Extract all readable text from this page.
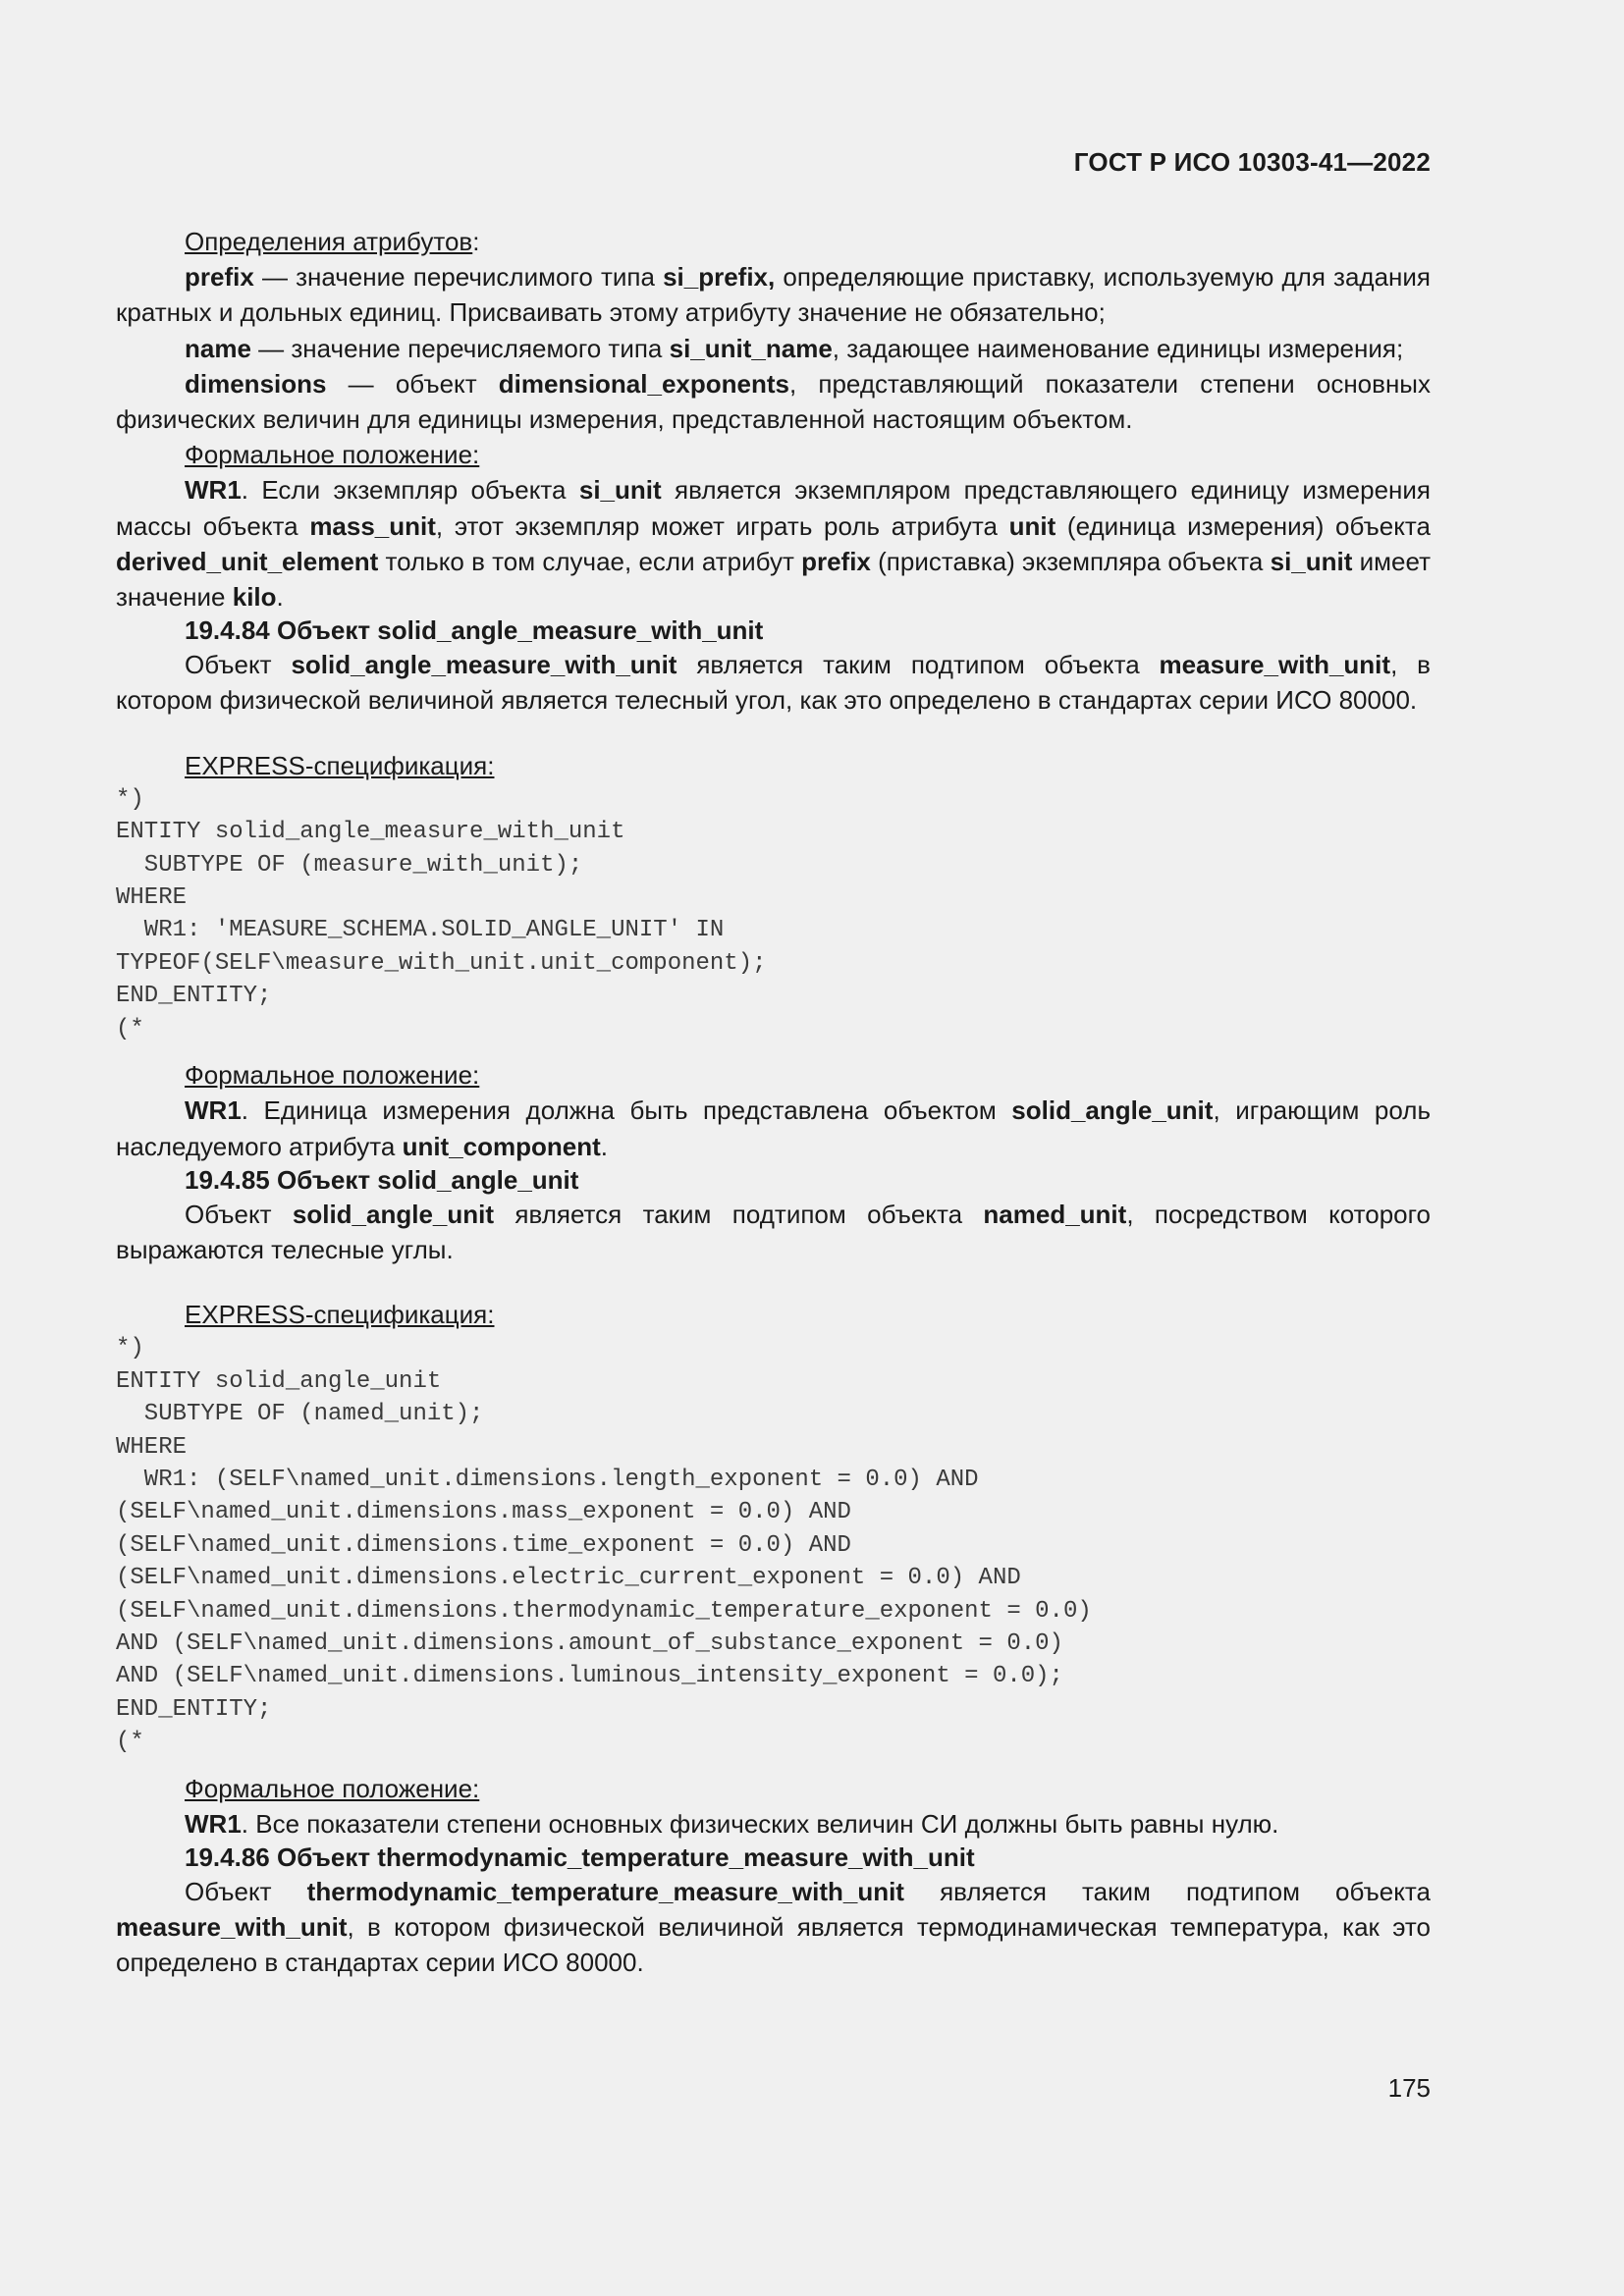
ГОСТ Р ИСО 10303-41—2022

Определения атрибутов:

prefix — значение перечислимого типа si_prefix, определяющие приставку, используемую для задания кратных и дольных единиц. Присваивать этому атрибуту значение не обязательно;

name — значение перечисляемого типа si_unit_name, задающее наименование единицы измерения;

dimensions — объект dimensional_exponents, представляющий показатели степени основных физических величин для единицы измерения, представленной настоящим объектом.

Формальное положение:

WR1. Если экземпляр объекта si_unit является экземпляром представляющего единицу измерения массы объекта mass_unit, этот экземпляр может играть роль атрибута unit (единица измерения) объекта derived_unit_element только в том случае, если атрибут prefix (приставка) экземпляра объекта si_unit имеет значение kilo.

19.4.84 Объект solid_angle_measure_with_unit

Объект solid_angle_measure_with_unit является таким подтипом объекта measure_with_unit, в котором физической величиной является телесный угол, как это определено в стандартах серии ИСО 80000.

EXPRESS-спецификация:

*)
ENTITY solid_angle_measure_with_unit
SUBTYPE OF (measure_with_unit);
WHERE
WR1: 'MEASURE_SCHEMA.SOLID_ANGLE_UNIT' IN
TYPEOF(SELF\measure_with_unit.unit_component);
END_ENTITY;
(*

Формальное положение:

WR1. Единица измерения должна быть представлена объектом solid_angle_unit, играющим роль наследуемого атрибута unit_component.

19.4.85 Объект solid_angle_unit

Объект solid_angle_unit является таким подтипом объекта named_unit, посредством которого выражаются телесные углы.

EXPRESS-спецификация:

*)
ENTITY solid_angle_unit
SUBTYPE OF (named_unit);
WHERE
WR1: (SELF\named_unit.dimensions.length_exponent = 0.0) AND
(SELF\named_unit.dimensions.mass_exponent = 0.0) AND
(SELF\named_unit.dimensions.time_exponent = 0.0) AND
(SELF\named_unit.dimensions.electric_current_exponent = 0.0) AND
(SELF\named_unit.dimensions.thermodynamic_temperature_exponent = 0.0)
AND (SELF\named_unit.dimensions.amount_of_substance_exponent = 0.0)
AND (SELF\named_unit.dimensions.luminous_intensity_exponent = 0.0);
END_ENTITY;
(*

Формальное положение:

WR1. Все показатели степени основных физических величин СИ должны быть равны нулю.

19.4.86 Объект thermodynamic_temperature_measure_with_unit

Объект thermodynamic_temperature_measure_with_unit является таким подтипом объекта measure_with_unit, в котором физической величиной является термодинамическая температура, как это определено в стандартах серии ИСО 80000.

175
